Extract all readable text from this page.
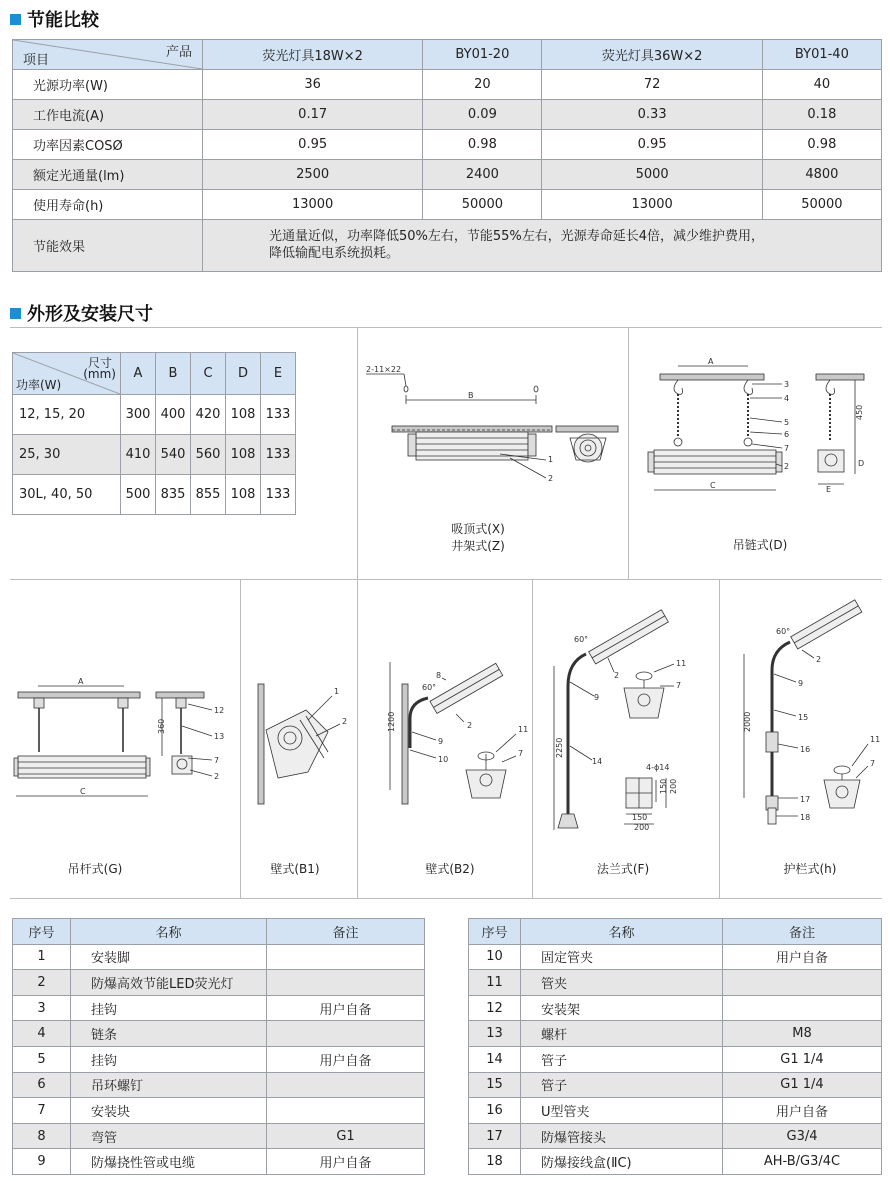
节能比较
产品
项目	荧光灯具18W×2	BY01-20	荧光灯具36W×2	BY01-40
光源功率(W)	36	20	72	40
工作电流(A)	0.17	0.09	0.33	0.18
功率因素COSØ	0.95	0.98	0.95	0.98
额定光通量(lm)	2500	2400	5000	4800
使用寿命(h)	13000	50000	13000	50000
节能效果	光通量近似，功率降低50%左右，节能55%左右，光源寿命延长4倍，减少维护费用，
降低输配电系统损耗。			
外形及安装尺寸
尺寸
(mm)
功率(W)	A	B	C	D	E
12, 15, 20	300	400	420	108	133
25, 30	410	540	560	108	133
30L, 40, 50	500	835	855	108	133
2-11×22
B
1
2
吸顶式(X)
井架式(Z)
A
C	E
450
D
3
4
5
6
7
2
吊链式(D)
A
C
360
12
13
7
2
吊杆式(G)
1
2
壁式(B1)
1200
60°
8
9
10
2	11
7
壁式(B2)
2250
60°
2
9
14
11
7
4-ϕ14
150 200
150
200
法兰式(F)
2000
60°
2
9
15
16
17
18
11
7
护栏式(h)
序号	名称	备注
1	安装脚	
2	防爆高效节能LED荧光灯	
3	挂钩	用户自备
4	链条	
5	挂钩	用户自备
6	吊环螺钉	
7	安装块	
8	弯管	G1
9	防爆挠性管或电缆	用户自备
序号	名称	备注
10	固定管夹	用户自备
11	管夹	
12	安装架	
13	螺杆	M8
14	管子	G1 1/4
15	管子	G1 1/4
16	U型管夹	用户自备
17	防爆管接头	G3/4
18	防爆接线盒(ⅡC)	AH-B/G3/4C
